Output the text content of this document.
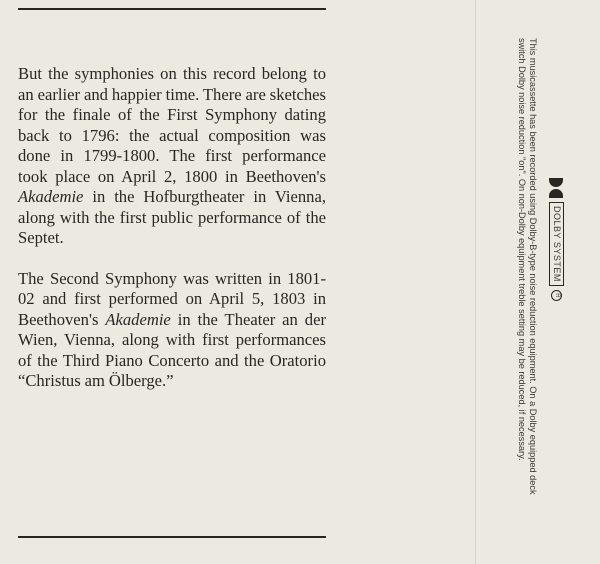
But the symphonies on this record belong to an earlier and happier time. There are sketches for the finale of the First Symphony dating back to 1796: the actual composition was done in 1799-1800. The first performance took place on April 2, 1800 in Beethoven's Akademie in the Hofburgtheater in Vienna, along with the first public performance of the Septet.

The Second Symphony was written in 1801-02 and first performed on April 5, 1803 in Beethoven's Akademie in the Theater an der Wien, Vienna, along with first performances of the Third Piano Concerto and the Oratorio “Christus am Ölberge.”	This musicassette has been recorded using Dolby-B-type noise reduction equipment. On a Dolby equipped deck switch Dolby noise reduction "on". On non-Dolby equipment treble setting may be reduced, if necessary.	DOLBY SYSTEM
R
